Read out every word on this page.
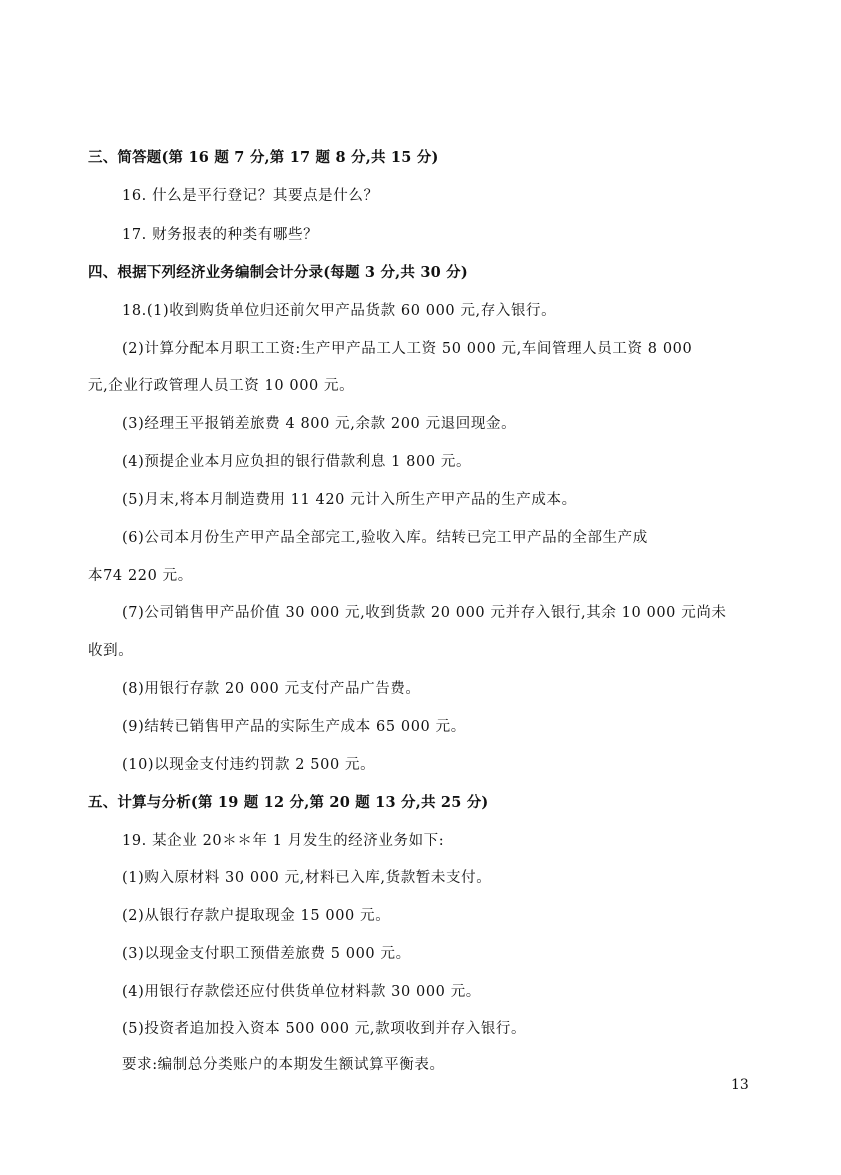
三、简答题(第 16 题 7 分,第 17 题 8 分,共 15 分)
16. 什么是平行登记？其要点是什么？
17. 财务报表的种类有哪些？
四、根据下列经济业务编制会计分录(每题 3 分,共 30 分)
18.(1)收到购货单位归还前欠甲产品货款 60 000 元,存入银行。
(2)计算分配本月职工工资:生产甲产品工人工资 50 000 元,车间管理人员工资 8 000
元,企业行政管理人员工资 10 000 元。
(3)经理王平报销差旅费 4 800 元,余款 200 元退回现金。
(4)预提企业本月应负担的银行借款利息 1 800 元。
(5)月末,将本月制造费用 11 420 元计入所生产甲产品的生产成本。
(6)公司本月份生产甲产品全部完工,验收入库。结转已完工甲产品的全部生产成
本74 220 元。
(7)公司销售甲产品价值 30 000 元,收到货款 20 000 元并存入银行,其余 10 000 元尚未
收到。
(8)用银行存款 20 000 元支付产品广告费。
(9)结转已销售甲产品的实际生产成本 65 000 元。
(10)以现金支付违约罚款 2 500 元。
五、计算与分析(第 19 题 12 分,第 20 题 13 分,共 25 分)
19. 某企业 20＊＊年 1 月发生的经济业务如下:
(1)购入原材料 30 000 元,材料已入库,货款暂未支付。
(2)从银行存款户提取现金 15 000 元。
(3)以现金支付职工预借差旅费 5 000 元。
(4)用银行存款偿还应付供货单位材料款 30 000 元。
(5)投资者追加投入资本 500 000 元,款项收到并存入银行。
要求:编制总分类账户的本期发生额试算平衡表。
13
